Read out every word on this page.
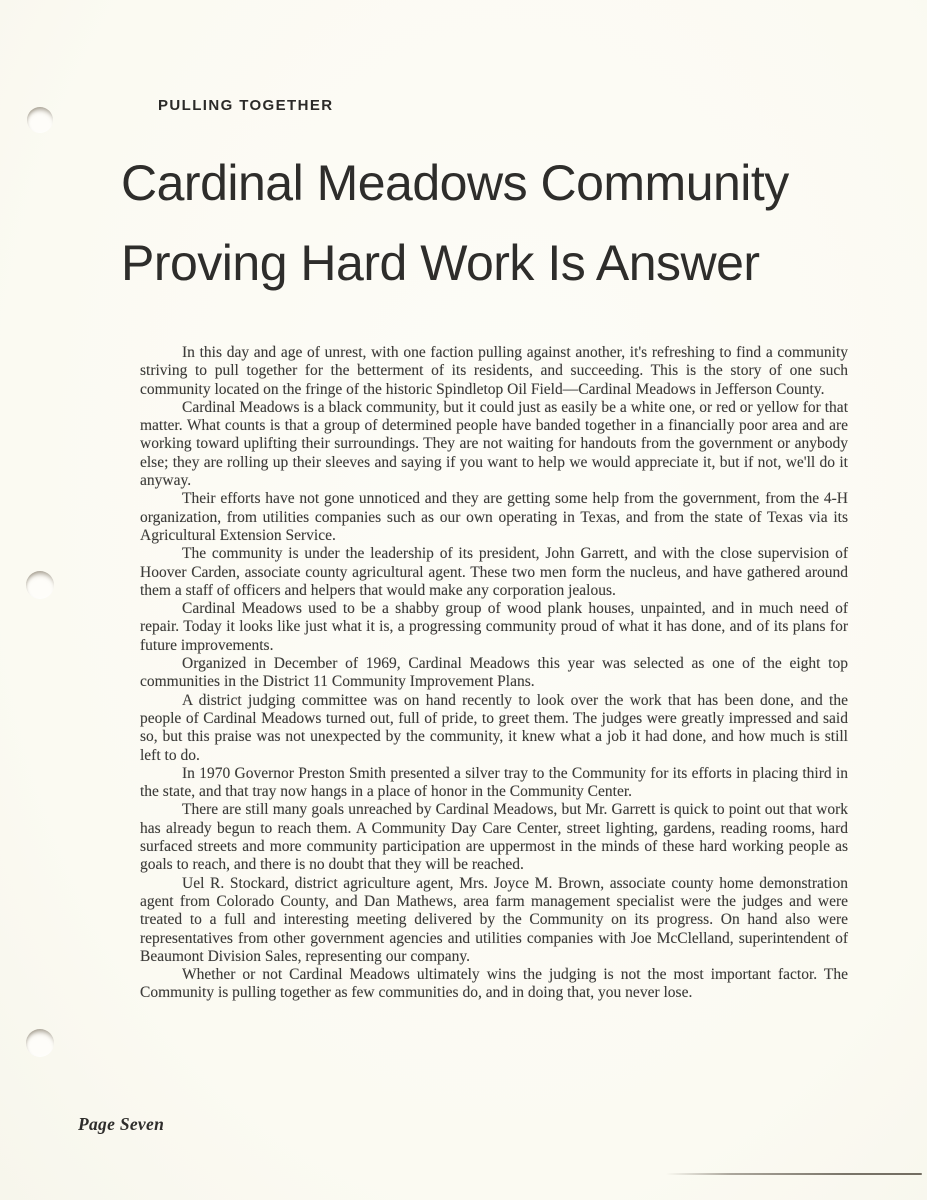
PULLING TOGETHER
Cardinal Meadows Community
Proving Hard Work Is Answer

In this day and age of unrest, with one faction pulling against another, it's refreshing to find a community striving to pull together for the betterment of its residents, and succeeding. This is the story of one such community located on the fringe of the historic Spindletop Oil Field—Cardinal Meadows in Jefferson County.

Cardinal Meadows is a black community, but it could just as easily be a white one, or red or yellow for that matter. What counts is that a group of determined people have banded together in a financially poor area and are working toward uplifting their surroundings. They are not waiting for handouts from the government or anybody else; they are rolling up their sleeves and saying if you want to help we would appreciate it, but if not, we'll do it anyway.

Their efforts have not gone unnoticed and they are getting some help from the government, from the 4-H organization, from utilities companies such as our own operating in Texas, and from the state of Texas via its Agricultural Extension Service.

The community is under the leadership of its president, John Garrett, and with the close supervision of Hoover Carden, associate county agricultural agent. These two men form the nucleus, and have gathered around them a staff of officers and helpers that would make any corporation jealous.

Cardinal Meadows used to be a shabby group of wood plank houses, unpainted, and in much need of repair. Today it looks like just what it is, a progressing community proud of what it has done, and of its plans for future improvements.

Organized in December of 1969, Cardinal Meadows this year was selected as one of the eight top communities in the District 11 Community Improvement Plans.

A district judging committee was on hand recently to look over the work that has been done, and the people of Cardinal Meadows turned out, full of pride, to greet them. The judges were greatly impressed and said so, but this praise was not unexpected by the community, it knew what a job it had done, and how much is still left to do.

In 1970 Governor Preston Smith presented a silver tray to the Community for its efforts in placing third in the state, and that tray now hangs in a place of honor in the Community Center.

There are still many goals unreached by Cardinal Meadows, but Mr. Garrett is quick to point out that work has already begun to reach them. A Community Day Care Center, street lighting, gardens, reading rooms, hard surfaced streets and more community participation are uppermost in the minds of these hard working people as goals to reach, and there is no doubt that they will be reached.

Uel R. Stockard, district agriculture agent, Mrs. Joyce M. Brown, associate county home demonstration agent from Colorado County, and Dan Mathews, area farm management specialist were the judges and were treated to a full and interesting meeting delivered by the Community on its progress. On hand also were representatives from other government agencies and utilities companies with Joe McClelland, superintendent of Beaumont Division Sales, representing our company.

Whether or not Cardinal Meadows ultimately wins the judging is not the most important factor. The Community is pulling together as few communities do, and in doing that, you never lose.

Page Seven
